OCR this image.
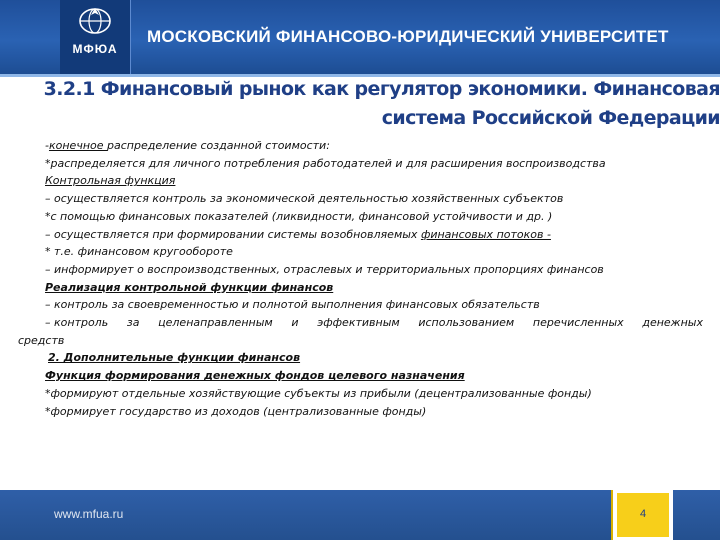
МФЮА
МОСКОВСКИЙ ФИНАНСОВО-ЮРИДИЧЕСКИЙ УНИВЕРСИТЕТ
3.2.1 Финансовый рынок как регулятор экономики. Финансовая
система Российской Федерации
-конечное распределение созданной стоимости:
*распределяется для личного потребления работодателей и для расширения воспроизводства
Контрольная функция
– осуществляется контроль за экономической деятельностью хозяйственных субъектов
*с помощью финансовых показателей (ликвидности, финансовой устойчивости и др. )
– осуществляется при формировании системы возобновляемых финансовых потоков -
* т.е. финансовом кругообороте
– информирует о воспроизводственных, отраслевых и территориальных пропорциях финансов
Реализация контрольной функции финансов
– контроль за своевременностью и полнотой выполнения финансовых обязательств
– контроль за целенаправленным и эффективным использованием перечисленных денежных
средств
2. Дополнительные функции финансов
Функция формирования денежных фондов целевого назначения
*формируют отдельные хозяйствующие субъекты из прибыли (децентрализованные фонды)
*формирует государство из доходов (централизованные фонды)
www.mfua.ru	4
